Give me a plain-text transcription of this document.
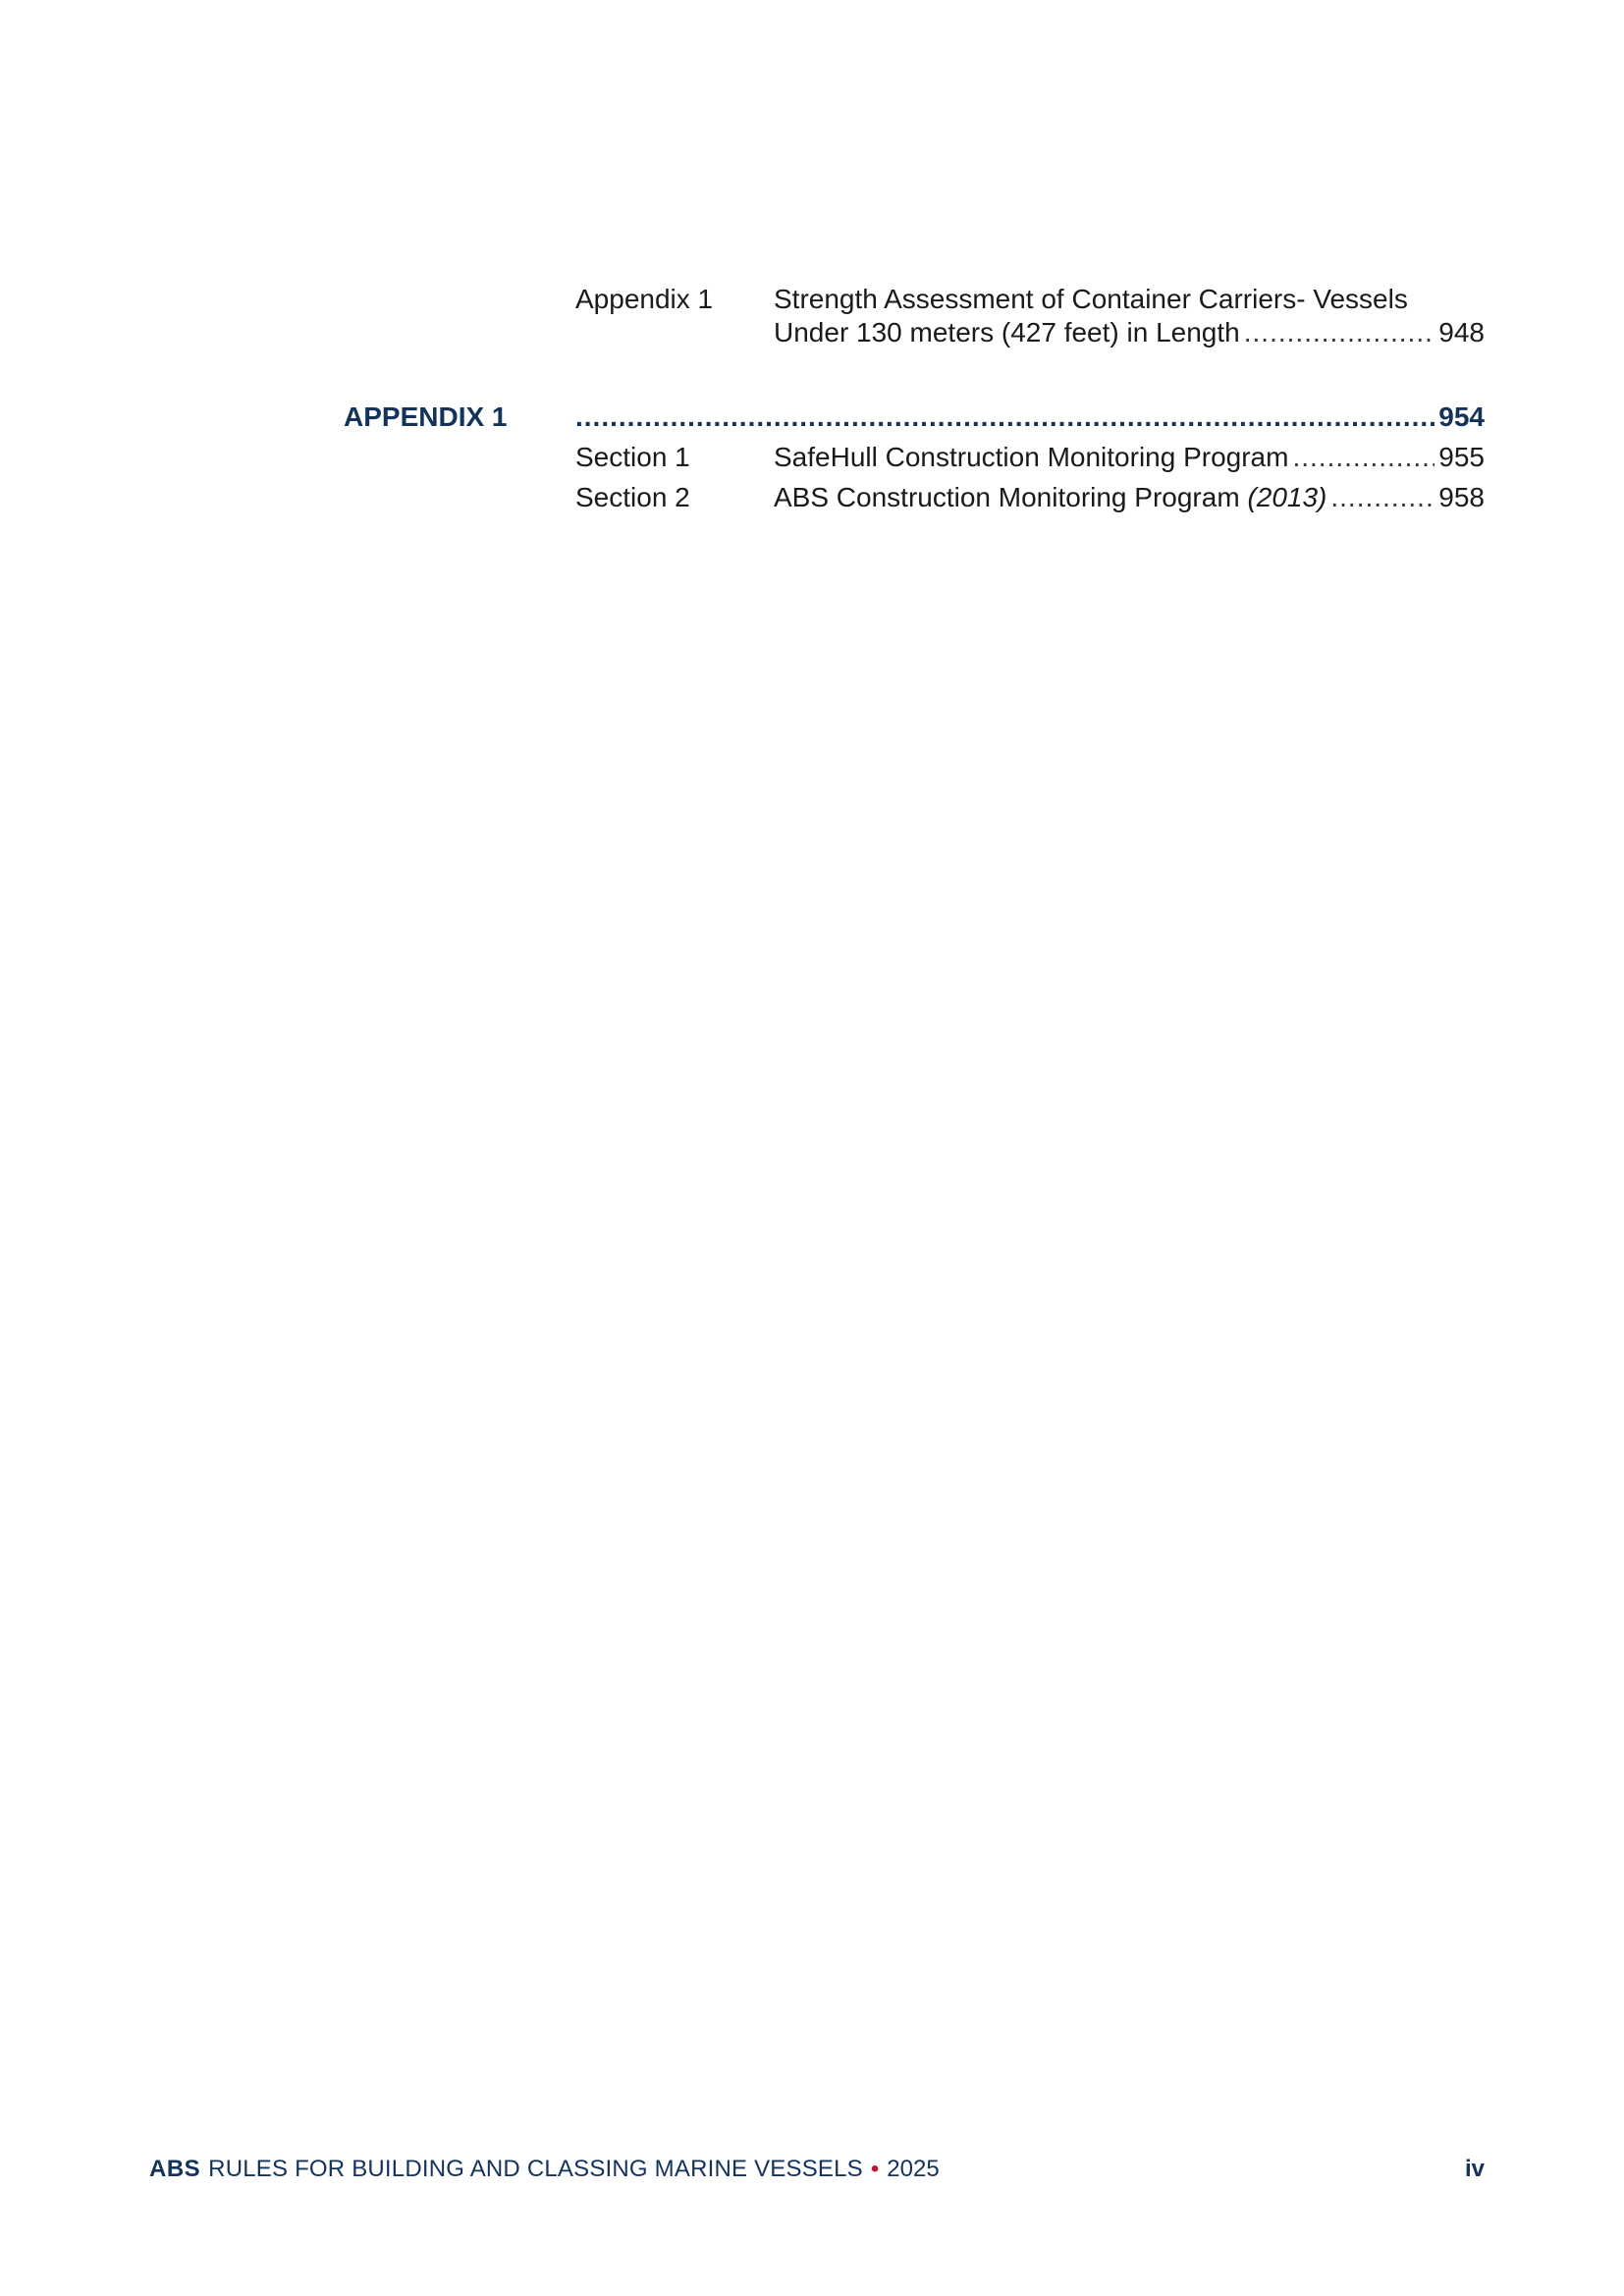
Appendix 1	Strength Assessment of Container Carriers- Vessels
Under 130 meters (427 feet) in Length .....	948
APPENDIX 1 .....	954
Section 1	SafeHull Construction Monitoring Program .....	955
Section 2	ABS Construction Monitoring Program (2013) .....	958
ABS RULES FOR BUILDING AND CLASSING MARINE VESSELS • 2025	iv
